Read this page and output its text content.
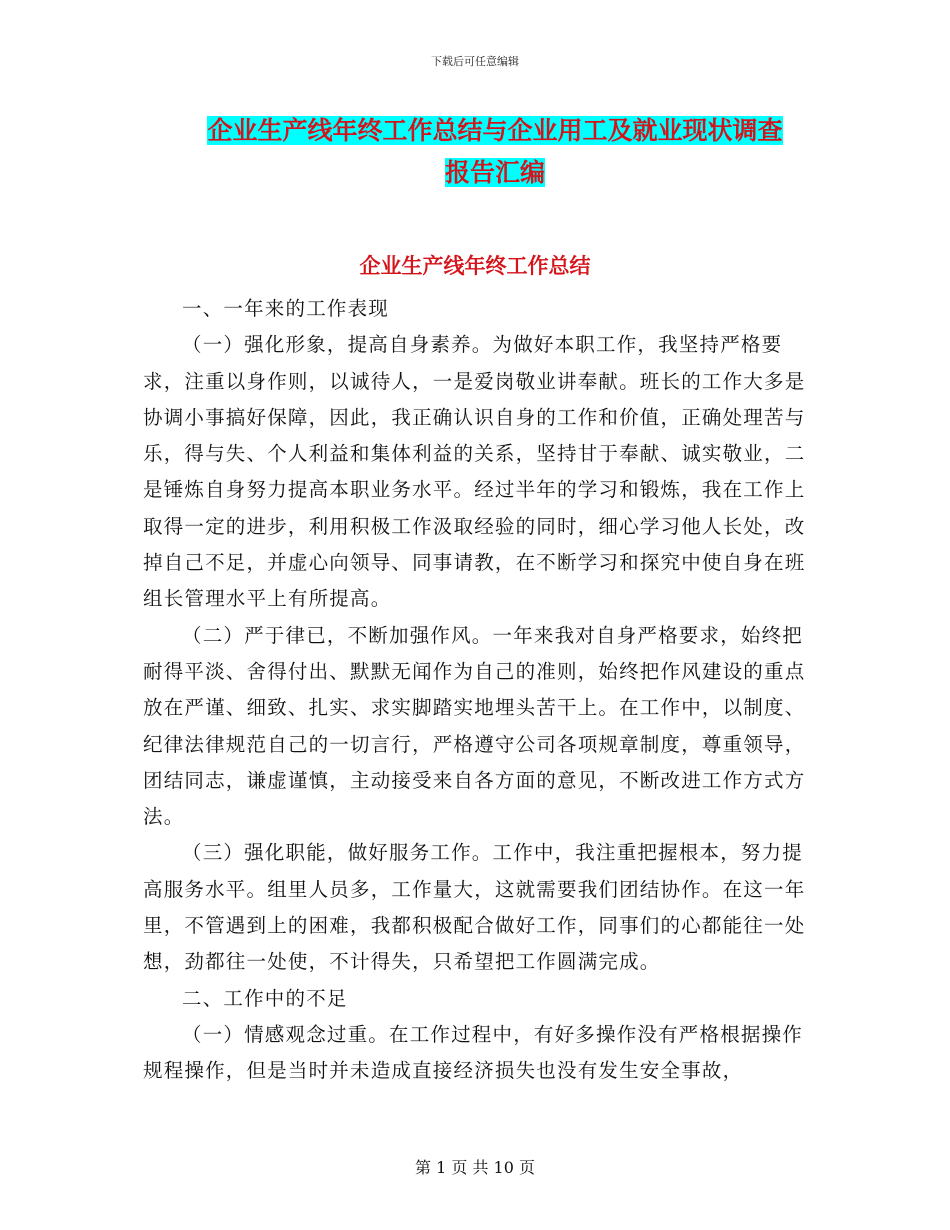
下载后可任意编辑
企业生产线年终工作总结与企业用工及就业现状调查
报告汇编
企业生产线年终工作总结

一、一年来的工作表现

（一）强化形象，提高自身素养。为做好本职工作，我坚持严格要求，注重以身作则，以诚待人，一是爱岗敬业讲奉献。班长的工作大多是协调小事搞好保障，因此，我正确认识自身的工作和价值，正确处理苦与乐，得与失、个人利益和集体利益的关系，坚持甘于奉献、诚实敬业，二是锤炼自身努力提高本职业务水平。经过半年的学习和锻炼，我在工作上取得一定的进步，利用积极工作汲取经验的同时，细心学习他人长处，改掉自己不足，并虚心向领导、同事请教，在不断学习和探究中使自身在班组长管理水平上有所提高。

（二）严于律已，不断加强作风。一年来我对自身严格要求，始终把耐得平淡、舍得付出、默默无闻作为自己的准则，始终把作风建设的重点放在严谨、细致、扎实、求实脚踏实地埋头苦干上。在工作中，以制度、纪律法律规范自己的一切言行，严格遵守公司各项规章制度，尊重领导，团结同志，谦虚谨慎，主动接受来自各方面的意见，不断改进工作方式方法。

（三）强化职能，做好服务工作。工作中，我注重把握根本，努力提高服务水平。组里人员多，工作量大，这就需要我们团结协作。在这一年里，不管遇到上的困难，我都积极配合做好工作，同事们的心都能往一处想，劲都往一处使，不计得失，只希望把工作圆满完成。

二、工作中的不足

（一）情感观念过重。在工作过程中，有好多操作没有严格根据操作规程操作，但是当时并未造成直接经济损失也没有发生安全事故，

第 1 页 共 10 页
